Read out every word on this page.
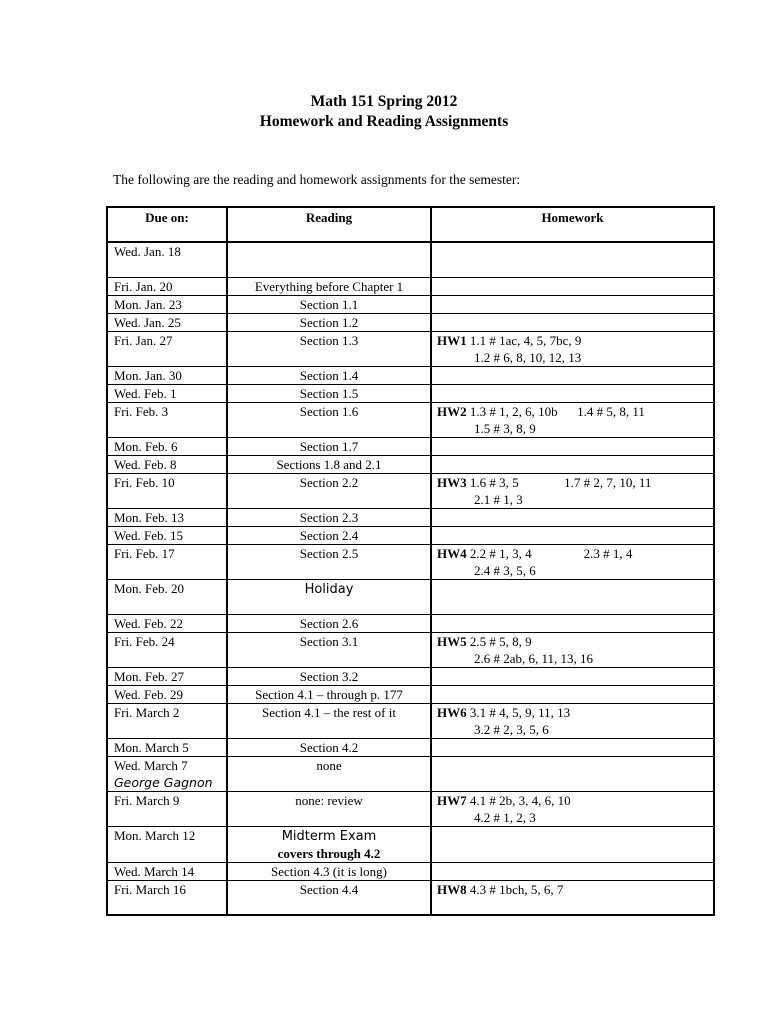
Math 151 Spring 2012
Homework and Reading Assignments
The following are the reading and homework assignments for the semester:
Due on:	Reading	Homework
Wed. Jan. 18		
Fri. Jan. 20	Everything before Chapter 1	
Mon. Jan. 23	Section 1.1	
Wed. Jan. 25	Section 1.2	
Fri. Jan. 27	Section 1.3	HW1 1.1 # 1ac, 4, 5, 7bc, 9
1.2 # 6, 8, 10, 12, 13

Mon. Jan. 30	Section 1.4	
Wed. Feb. 1	Section 1.5	
Fri. Feb. 3	Section 1.6	HW2 1.3 # 1, 2, 6, 10b      1.4 # 5, 8, 11
1.5 # 3, 8, 9

Mon. Feb. 6	Section 1.7	
Wed. Feb. 8	Sections 1.8 and 2.1	
Fri. Feb. 10	Section 2.2	HW3 1.6 # 3, 5              1.7 # 2, 7, 10, 11
2.1 # 1, 3

Mon. Feb. 13	Section 2.3	
Wed. Feb. 15	Section 2.4	
Fri. Feb. 17	Section 2.5	HW4 2.2 # 1, 3, 4                2.3 # 1, 4
2.4 # 3, 5, 6

Mon. Feb. 20	Holiday	
Wed. Feb. 22	Section 2.6	
Fri. Feb. 24	Section 3.1	HW5 2.5 # 5, 8, 9
2.6 # 2ab, 6, 11, 13, 16

Mon. Feb. 27	Section 3.2	
Wed. Feb. 29	Section 4.1 – through p. 177	
Fri. March 2	Section 4.1 – the rest of it	HW6 3.1 # 4, 5, 9, 11, 13
3.2 # 2, 3, 5, 6

Mon. March 5	Section 4.2	
Wed. March 7
George Gagnon	none	
Fri. March 9	none: review	HW7 4.1 # 2b, 3, 4, 6, 10
4.2 # 1, 2, 3

Mon. March 12	Midterm Exam
covers through 4.2	
Wed. March 14	Section 4.3 (it is long)	
Fri. March 16	Section 4.4	HW8 4.3 # 1bch, 5, 6, 7
